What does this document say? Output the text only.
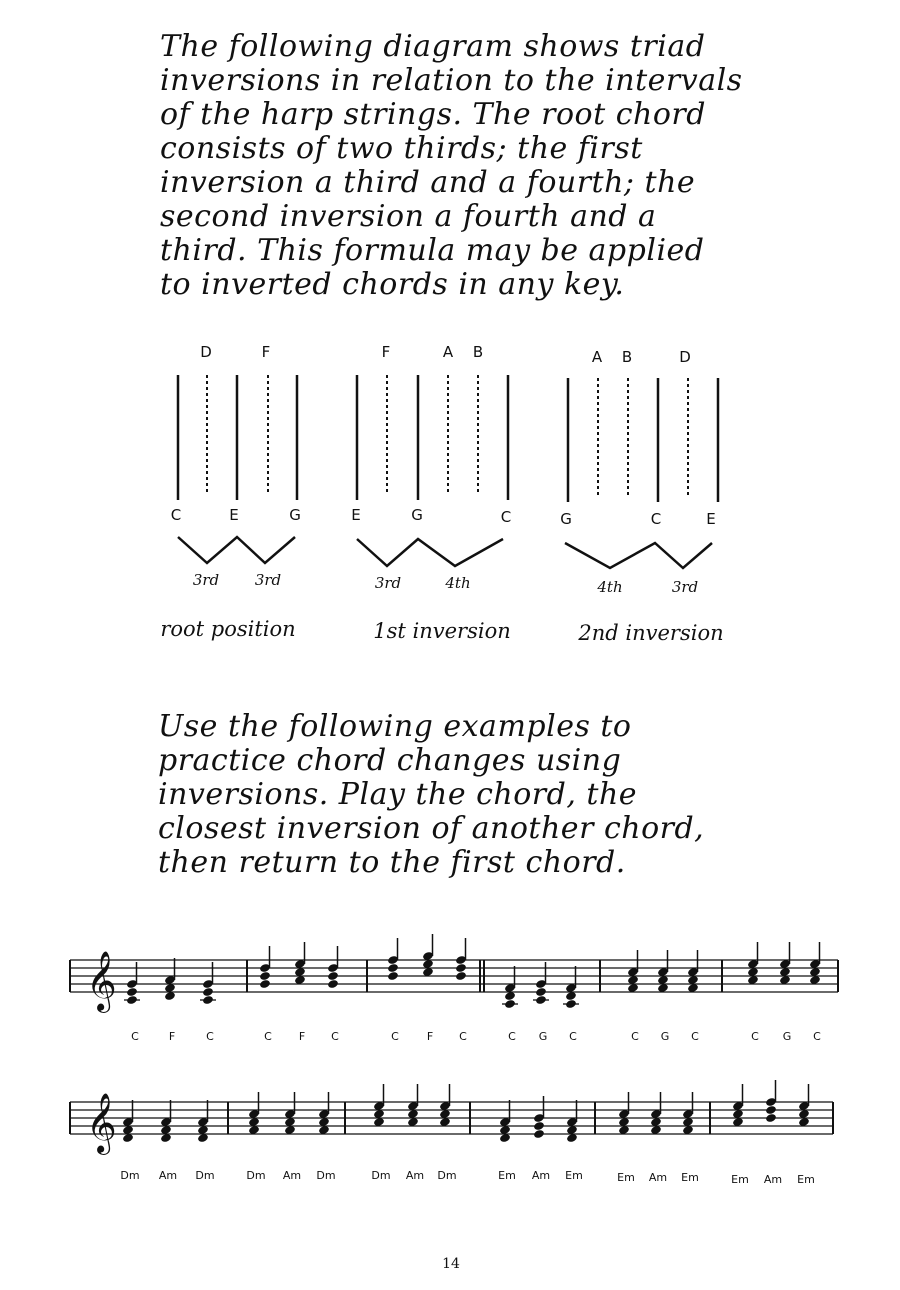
The following diagram shows triad
inversions in relation to the intervals
of the harp strings. The root chord
consists of two thirds; the first
inversion a third and a fourth; the
second inversion a fourth and a
third. This formula may be applied
to inverted chords in any key.

D	F
C	E	G
F	A B
E	G	C
A B	D
G	C	E
3rd 3rd	3rd	4th	4th	3rd
root position	1st inversion	2nd inversion
𝄞
C	F	C	C F C	C	F C	C G C	C G C	C G C
𝄞
Dm Am Dm	Dm Am Dm	Dm Am Dm	Em Am Em	Em Am Em	Em Am Em
14

Use the following examples to
practice chord changes using
inversions. Play the chord, the
closest inversion of another chord,
then return to the first chord.
